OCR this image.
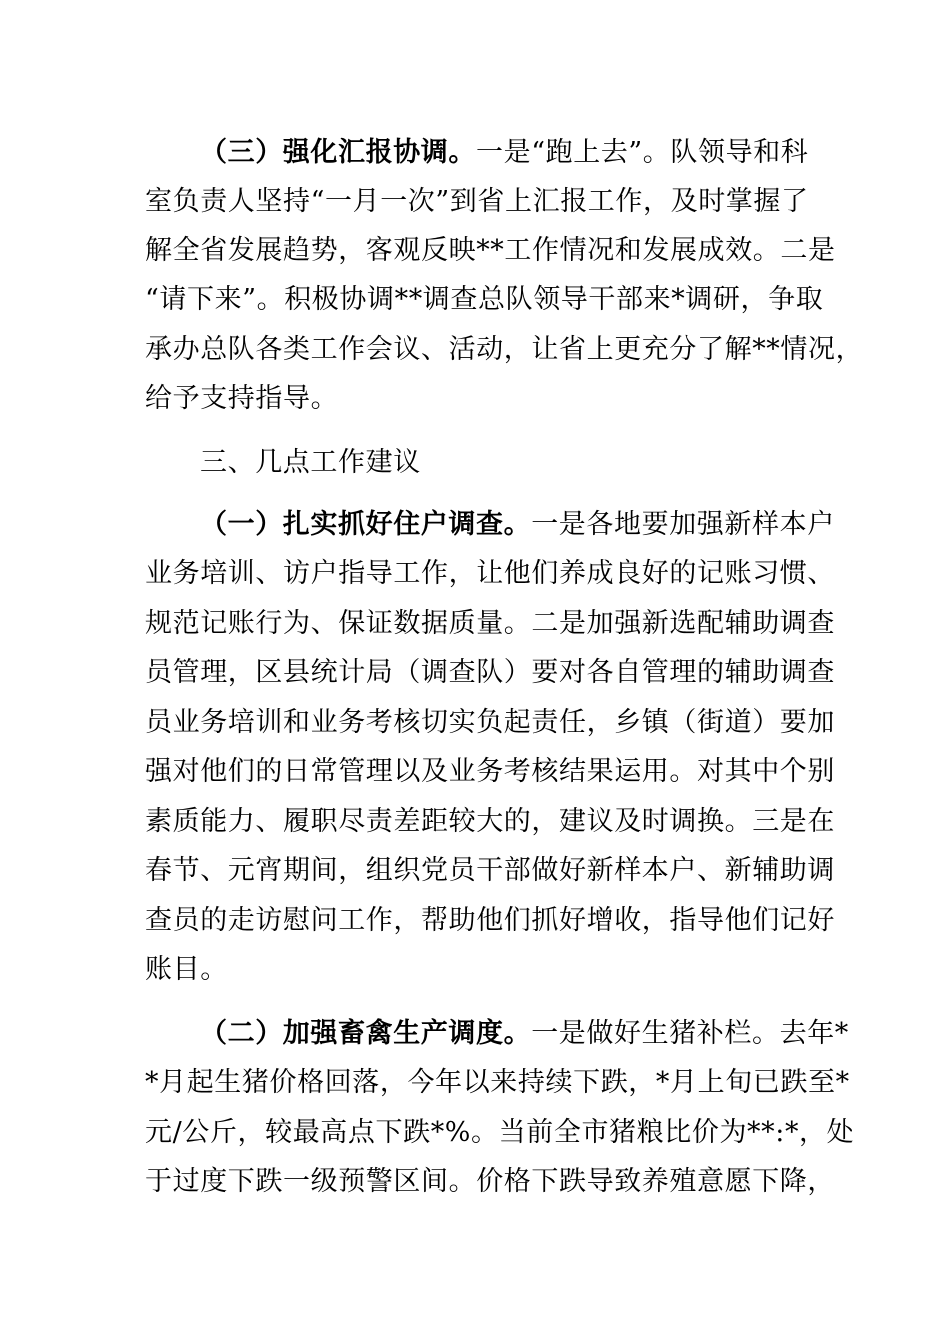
（三）强化汇报协调。一是“跑上去”。队领导和科
室负责人坚持“一月一次”到省上汇报工作，及时掌握了
解全省发展趋势，客观反映**工作情况和发展成效。二是
“请下来”。积极协调**调查总队领导干部来*调研，争取
承办总队各类工作会议、活动，让省上更充分了解**情况，
给予支持指导。
三、几点工作建议
（一）扎实抓好住户调查。一是各地要加强新样本户
业务培训、访户指导工作，让他们养成良好的记账习惯、
规范记账行为、保证数据质量。二是加强新选配辅助调查
员管理，区县统计局（调查队）要对各自管理的辅助调查
员业务培训和业务考核切实负起责任，乡镇（街道）要加
强对他们的日常管理以及业务考核结果运用。对其中个别
素质能力、履职尽责差距较大的，建议及时调换。三是在
春节、元宵期间，组织党员干部做好新样本户、新辅助调
查员的走访慰问工作，帮助他们抓好增收，指导他们记好
账目。
（二）加强畜禽生产调度。一是做好生猪补栏。去年*
*月起生猪价格回落，今年以来持续下跌，*月上旬已跌至*
元/公斤，较最高点下跌*%。当前全市猪粮比价为**:*，处
于过度下跌一级预警区间。价格下跌导致养殖意愿下降，
